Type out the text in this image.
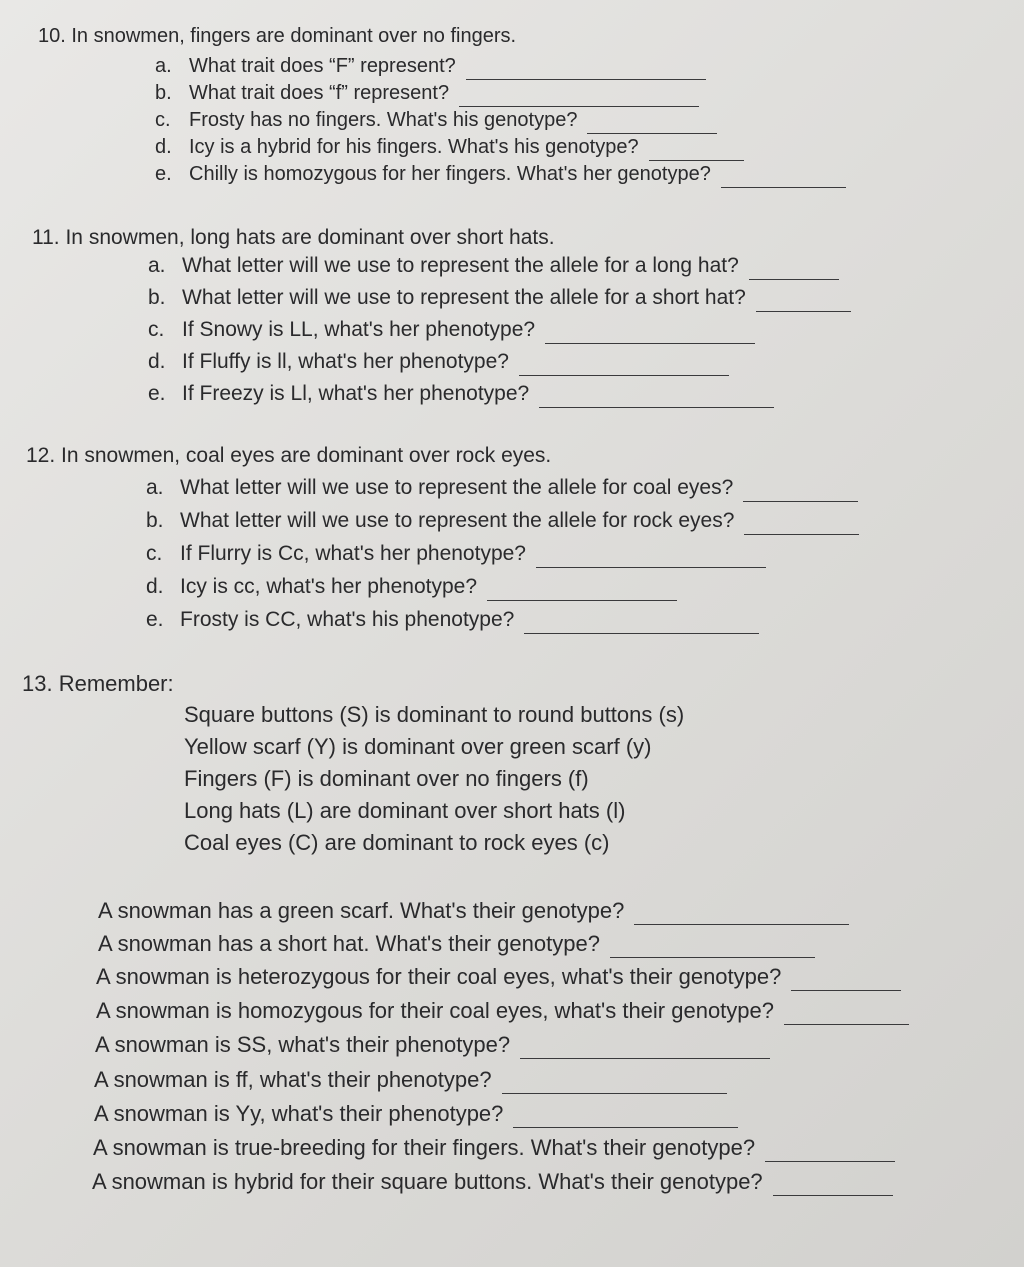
10. In snowmen, fingers are dominant over no fingers.
a. What trait does “F” represent?
b. What trait does “f” represent?
c. Frosty has no fingers. What's his genotype?
d. Icy is a hybrid for his fingers. What's his genotype?
e. Chilly is homozygous for her fingers. What's her genotype?
11. In snowmen, long hats are dominant over short hats.
a. What letter will we use to represent the allele for a long hat?
b. What letter will we use to represent the allele for a short hat?
c. If Snowy is LL, what's her phenotype?
d. If Fluffy is ll, what's her phenotype?
e. If Freezy is Ll, what's her phenotype?
12. In snowmen, coal eyes are dominant over rock eyes.
a. What letter will we use to represent the allele for coal eyes?
b. What letter will we use to represent the allele for rock eyes?
c. If Flurry is Cc, what's her phenotype?
d. Icy is cc, what's her phenotype?
e. Frosty is CC, what's his phenotype?
13. Remember:
Square buttons (S) is dominant to round buttons (s)
Yellow scarf (Y) is dominant over green scarf (y)
Fingers (F) is dominant over no fingers (f)
Long hats (L) are dominant over short hats (l)
Coal eyes (C) are dominant to rock eyes (c)
A snowman has a green scarf. What's their genotype?
A snowman has a short hat. What's their genotype?
A snowman is heterozygous for their coal eyes, what's their genotype?
A snowman is homozygous for their coal eyes, what's their genotype?
A snowman is SS, what's their phenotype?
A snowman is ff, what's their phenotype?
A snowman is Yy, what's their phenotype?
A snowman is true-breeding for their fingers. What's their genotype?
A snowman is hybrid for their square buttons. What's their genotype?
